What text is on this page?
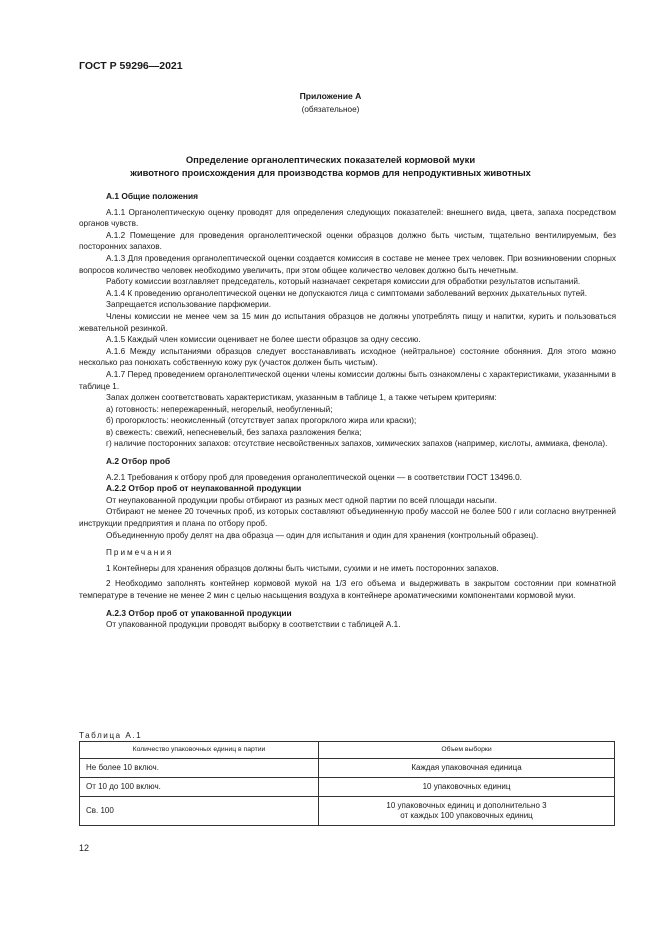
ГОСТ Р 59296—2021
Приложение А
(обязательное)
Определение органолептических показателей кормовой муки
животного происхождения для производства кормов для непродуктивных животных

А.1 Общие положения

А.1.1 Органолептическую оценку проводят для определения следующих показателей: внешнего вида, цвета, запаха посредством органов чувств.

А.1.2 Помещение для проведения органолептической оценки образцов должно быть чистым, тщательно вентилируемым, без посторонних запахов.

А.1.3 Для проведения органолептической оценки создается комиссия в составе не менее трех человек. При возникновении спорных вопросов количество человек необходимо увеличить, при этом общее количество человек должно быть нечетным.

Работу комиссии возглавляет председатель, который назначает секретаря комиссии для обработки результатов испытаний.

А.1.4 К проведению органолептической оценки не допускаются лица с симптомами заболеваний верхних дыхательных путей.

Запрещается использование парфюмерии.

Члены комиссии не менее чем за 15 мин до испытания образцов не должны употреблять пищу и напитки, курить и пользоваться жевательной резинкой.

А.1.5 Каждый член комиссии оценивает не более шести образцов за одну сессию.

А.1.6 Между испытаниями образцов следует восстанавливать исходное (нейтральное) состояние обоняния. Для этого можно несколько раз понюхать собственную кожу рук (участок должен быть чистым).

А.1.7 Перед проведением органолептической оценки члены комиссии должны быть ознакомлены с характеристиками, указанными в таблице 1.

Запах должен соответствовать характеристикам, указанным в таблице 1, а также четырем критериям:

а) готовность: непережаренный, негорелый, необугленный;

б) прогорклость: неокисленный (отсутствует запах прогорклого жира или краски);

в) свежесть: свежий, непесневелый, без запаха разложения белка;

г) наличие посторонних запахов: отсутствие несвойственных запахов, химических запахов (например, кислоты, аммиака, фенола).

А.2 Отбор проб

А.2.1 Требования к отбору проб для проведения органолептической оценки — в соответствии ГОСТ 13496.0.

А.2.2 Отбор проб от неупакованной продукции

От неупакованной продукции пробы отбирают из разных мест одной партии по всей площади насыпи.

Отбирают не менее 20 точечных проб, из которых составляют объединенную пробу массой не более 500 г или согласно внутренней инструкции предприятия и плана по отбору проб.

Объединенную пробу делят на два образца — один для испытания и один для хранения (контрольный образец).

Примечания

1 Контейнеры для хранения образцов должны быть чистыми, сухими и не иметь посторонних запахов.

2 Необходимо заполнять контейнер кормовой мукой на 1/3 его объема и выдерживать в закрытом состоянии при комнатной температуре в течение не менее 2 мин с целью насыщения воздуха в контейнере ароматическими компонентами кормовой муки.

А.2.3 Отбор проб от упакованной продукции

От упакованной продукции проводят выборку в соответствии с таблицей А.1.

Таблица А.1
Количество упаковочных единиц в партии	Объем выборки
Не более 10 включ.	Каждая упаковочная единица
От 10 до 100 включ.	10 упаковочных единиц
Св. 100	10 упаковочных единиц и дополнительно 3
от каждых 100 упаковочных единиц
12
